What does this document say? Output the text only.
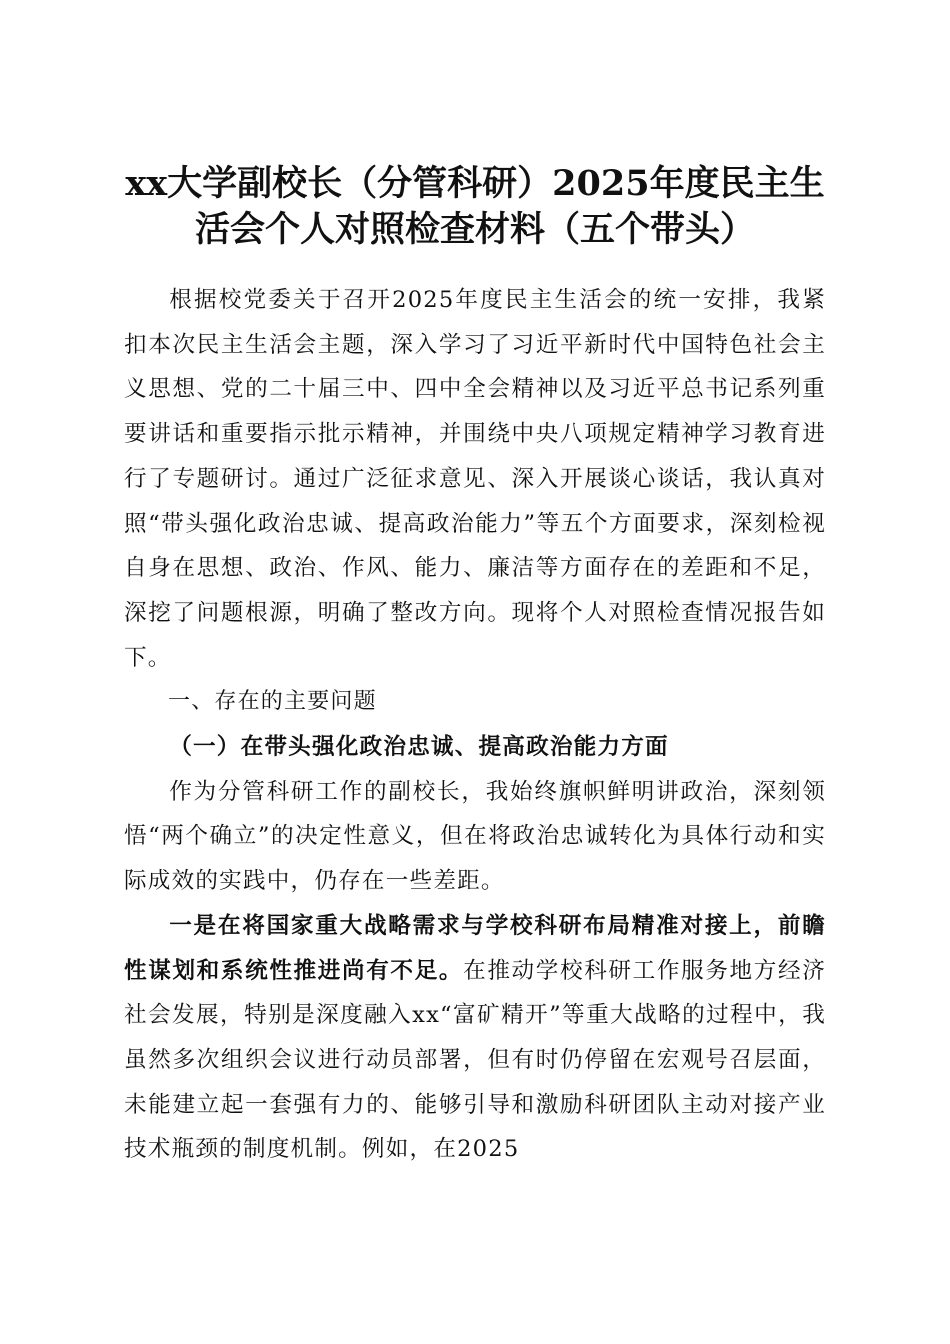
xx大学副校长（分管科研）2025年度民主生
活会个人对照检查材料（五个带头）

根据校党委关于召开2025年度民主生活会的统一安排，我紧扣本次民主生活会主题，深入学习了习近平新时代中国特色社会主义思想、党的二十届三中、四中全会精神以及习近平总书记系列重要讲话和重要指示批示精神，并围绕中央八项规定精神学习教育进行了专题研讨。通过广泛征求意见、深入开展谈心谈话，我认真对照“带头强化政治忠诚、提高政治能力”等五个方面要求，深刻检视自身在思想、政治、作风、能力、廉洁等方面存在的差距和不足，深挖了问题根源，明确了整改方向。现将个人对照检查情况报告如下。

一、存在的主要问题

（一）在带头强化政治忠诚、提高政治能力方面

作为分管科研工作的副校长，我始终旗帜鲜明讲政治，深刻领悟“两个确立”的决定性意义，但在将政治忠诚转化为具体行动和实际成效的实践中，仍存在一些差距。

一是在将国家重大战略需求与学校科研布局精准对接上，前瞻性谋划和系统性推进尚有不足。在推动学校科研工作服务地方经济社会发展，特别是深度融入xx“富矿精开”等重大战略的过程中，我虽然多次组织会议进行动员部署，但有时仍停留在宏观号召层面，未能建立起一套强有力的、能够引导和激励科研团队主动对接产业技术瓶颈的制度机制。例如，在2025
